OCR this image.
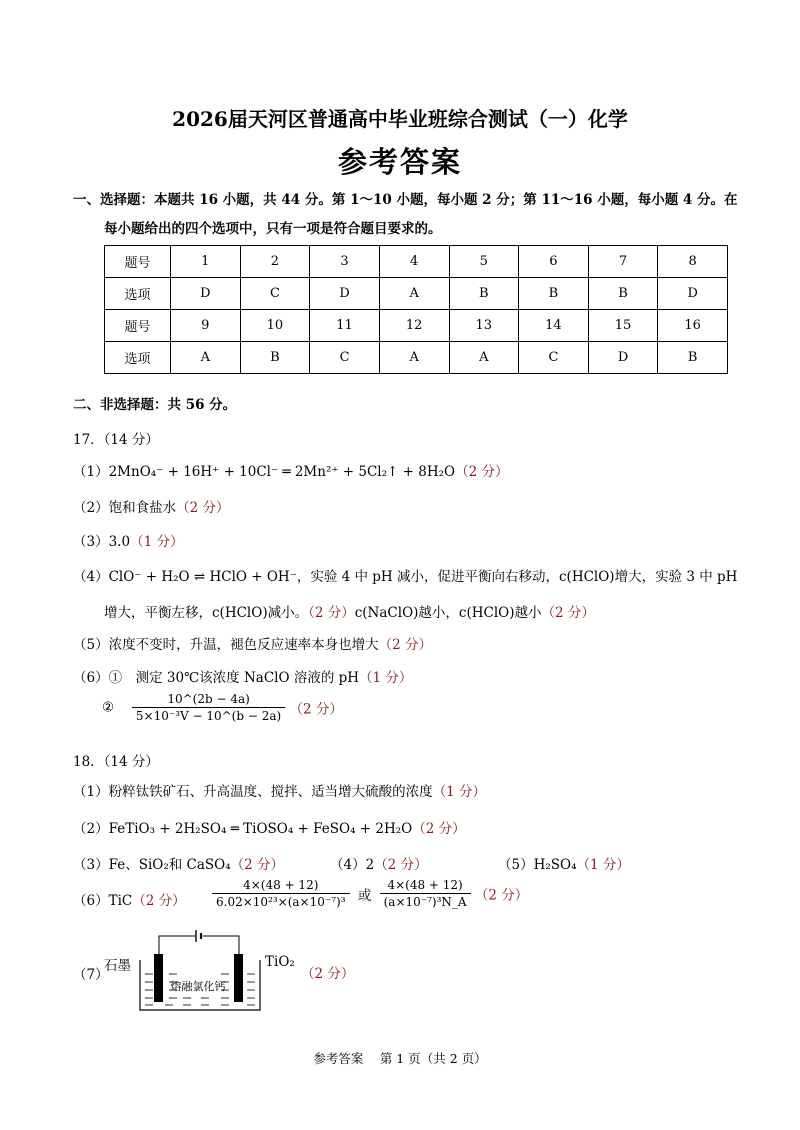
2026届天河区普通高中毕业班综合测试（一）化学
参考答案
一、选择题：本题共 16 小题，共 44 分。第 1～10 小题，每小题 2 分；第 11～16 小题，每小题 4 分。在
每小题给出的四个选项中，只有一项是符合题目要求的。
题号	1	2	3	4	5	6	7	8
选项	D	C	D	A	B	B	B	D
题号	9	10	11	12	13	14	15	16
选项	A	B	C	A	A	C	D	B
二、非选择题：共 56 分。
17．（14 分）
（1）2MnO₄⁻ + 16H⁺ + 10Cl⁻ ═ 2Mn²⁺ + 5Cl₂↑ + 8H₂O（2 分）
（2）饱和食盐水（2 分）
（3）3.0（1 分）
（4）ClO⁻ + H₂O ⇌ HClO + OH⁻，实验 4 中 pH 减小，促进平衡向右移动，c(HClO)增大，实验 3 中 pH
增大，平衡左移，c(HClO)减小。（2 分）c(NaClO)越小，c(HClO)越小（2 分）
（5）浓度不变时，升温，褪色反应速率本身也增大（2 分）
（6）①　 测定 30℃该浓度 NaClO 溶液的 pH（1 分）
②　 $\frac{10\^{}(2b - 4a)}{\text{5×10⁻³V − 10\textasciicircum{}(b − 2a)}} (2$ 分）
18．（14 分）
（1）粉粹钛铁矿石、升高温度、搅拌、适当增大硫酸的浓度（1 分）
（2）FeTiO₃ + 2H₂SO₄ ═ TiOSO₄ + FeSO₄ + 2H₂O（2 分）
（3）Fe、SiO₂和 CaSO₄（2 分）	（4）2（2 分）	（5）H₂SO₄（1 分）
（6）TiC（2 分） $\frac{4\times(48 + 12)}{\text{6.02×10²³×(a×10⁻⁷)³}}$ 或 $\frac{4\times(48 + 12)}{\text{(a×10⁻⁷)³N\_A}} (2$ 分）
（7）
石墨	TiO₂
（2 分）
熔融氯化钙
参考答案　 第 1 页（共 2 页）
